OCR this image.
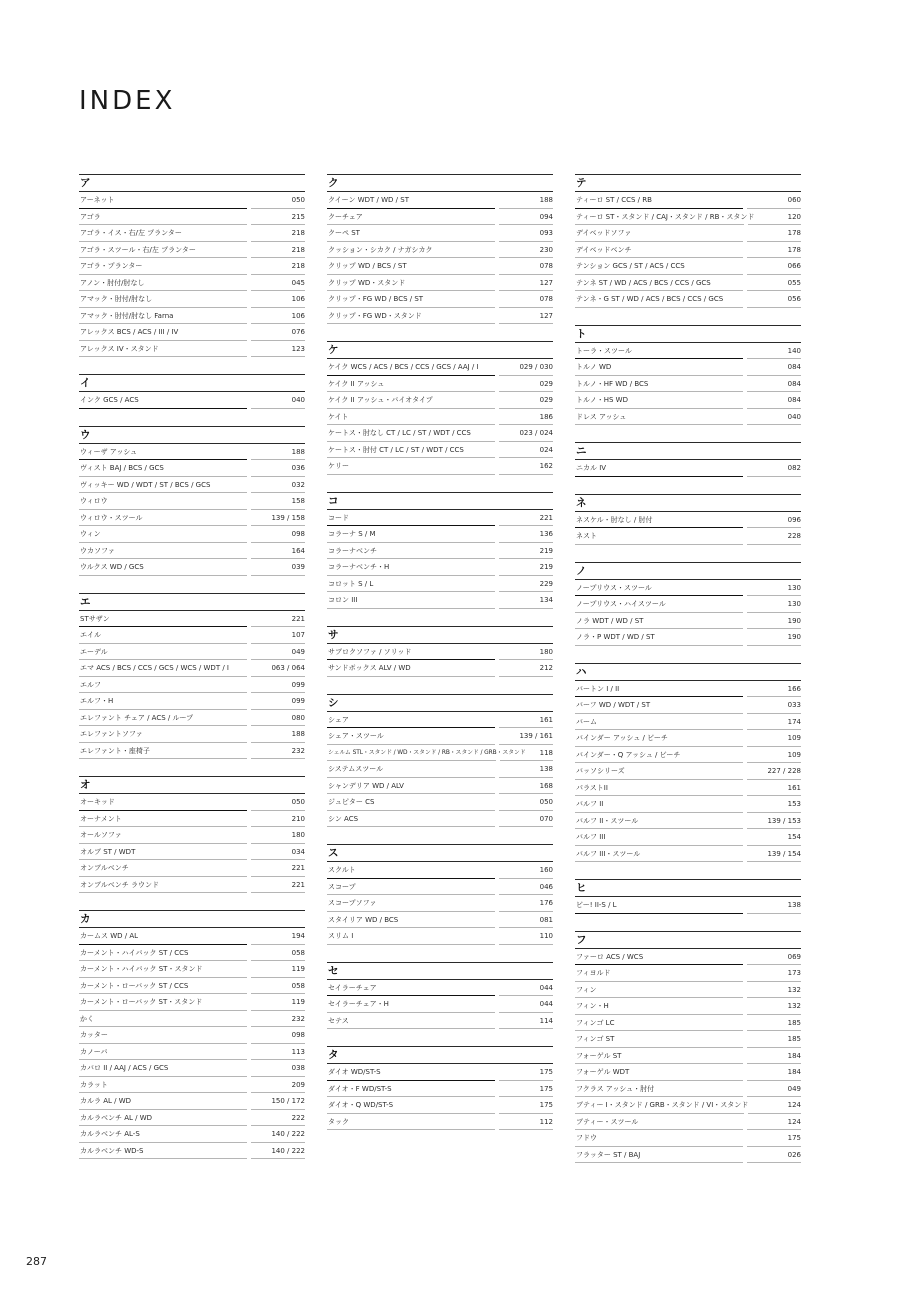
INDEX
ア
アーネット	050
アゴラ	215
アゴラ・イス・右/左 プランター	218
アゴラ・スツール・右/左 プランター	218
アゴラ・プランター	218
アノン・肘付/肘なし	045
アマック・肘付/肘なし	106
アマック・肘付/肘なし Farna	106
アレックス BCS / ACS / III / IV	076
アレックス IV・スタンド	123
イ
インク GCS / ACS	040
ウ
ウィーザ アッシュ	188
ヴィスト BAJ / BCS / GCS	036
ヴィッキー WD / WDT / ST / BCS / GCS	032
ウィロウ	158
ウィロウ・スツール	139 / 158
ウィン	098
ウカソファ	164
ウルクス WD / GCS	039
エ
STサザン	221
エイル	107
エーデル	049
エマ ACS / BCS / CCS / GCS / WCS / WDT / I	063 / 064
エルフ	099
エルフ・H	099
エレファント チェア / ACS / ループ	080
エレファントソファ	188
エレファント・座椅子	232
オ
オーキッド	050
オーナメント	210
オールソファ	180
オルブ ST / WDT	034
オンブルベンチ	221
オンブルベンチ ラウンド	221
カ
カームス WD / AL	194
カーメント・ハイバック ST / CCS	058
カーメント・ハイバック ST・スタンド	119
カーメント・ローバック ST / CCS	058
カーメント・ローバック ST・スタンド	119
かく	232
カッター	098
カノーバ	113
カバロ II / AAJ / ACS / GCS	038
カラット	209
カルラ AL / WD	150 / 172
カルラベンチ AL / WD	222
カルラベンチ AL-S	140 / 222
カルラベンチ WD-S	140 / 222
ク
クイーン WDT / WD / ST	188
クーチェア	094
クーペ ST	093
クッション・シカク / ナガシカク	230
クリップ WD / BCS / ST	078
クリップ WD・スタンド	127
クリップ・FG WD / BCS / ST	078
クリップ・FG WD・スタンド	127
ケ
ケイク WCS / ACS / BCS / CCS / GCS / AAJ / I	029 / 030
ケイク II アッシュ	029
ケイク II アッシュ・バイオタイプ	029
ケイト	186
ケートス・肘なし CT / LC / ST / WDT / CCS	023 / 024
ケートス・肘付 CT / LC / ST / WDT / CCS	024
ケリー	162
コ
コード	221
コラーナ S / M	136
コラーナベンチ	219
コラーナベンチ・H	219
コロット S / L	229
コロン III	134
サ
サブロクソファ / ソリッド	180
サンドボックス ALV / WD	212
シ
シェア	161
シェア・スツール	139 / 161
シェルム STL・スタンド / WD・スタンド / RB・スタンド / GRB・スタンド	118
システムスツール	138
シャンデリア WD / ALV	168
ジュピター CS	050
シン ACS	070
ス
スクルト	160
スコープ	046
スコープソファ	176
スタイリア WD / BCS	081
スリム I	110
セ
セイラーチェア	044
セイラーチェア・H	044
セテス	114
タ
ダイオ WD/ST-S	175
ダイオ・F WD/ST-S	175
ダイオ・Q WD/ST-S	175
タック	112
テ
ティーロ ST / CCS / RB	060
ティーロ ST・スタンド / CAJ・スタンド / RB・スタンド	120
デイベッドソファ	178
デイベッドベンチ	178
テンション GCS / ST / ACS / CCS	066
テンネ ST / WD / ACS / BCS / CCS / GCS	055
テンネ・G ST / WD / ACS / BCS / CCS / GCS	056
ト
トーラ・スツール	140
トルノ WD	084
トルノ・HF WD / BCS	084
トルノ・HS WD	084
ドレス アッシュ	040
ニ
ニカル IV	082
ネ
ネスケル・肘なし / 肘付	096
ネスト	228
ノ
ノープリウス・スツール	130
ノープリウス・ハイスツール	130
ノラ WDT / WD / ST	190
ノラ・P WDT / WD / ST	190
ハ
バートン I / II	166
バーフ WD / WDT / ST	033
バーム	174
バインダー アッシュ / ビーチ	109
バインダー・Q アッシュ / ビーチ	109
バッソシリーズ	227 / 228
パラストII	161
バルフ II	153
バルフ II・スツール	139 / 153
バルフ III	154
バルフ III・スツール	139 / 154
ヒ
ビー! II-S / L	138
フ
ファーロ ACS / WCS	069
フィヨルド	173
フィン	132
フィン・H	132
フィンゴ LC	185
フィンゴ ST	185
フォーゲル ST	184
フォーゲル WDT	184
フクラス アッシュ・肘付	049
ブティー I・スタンド / GRB・スタンド / VI・スタンド	124
ブティー・スツール	124
フドウ	175
フラッター ST / BAJ	026
287
